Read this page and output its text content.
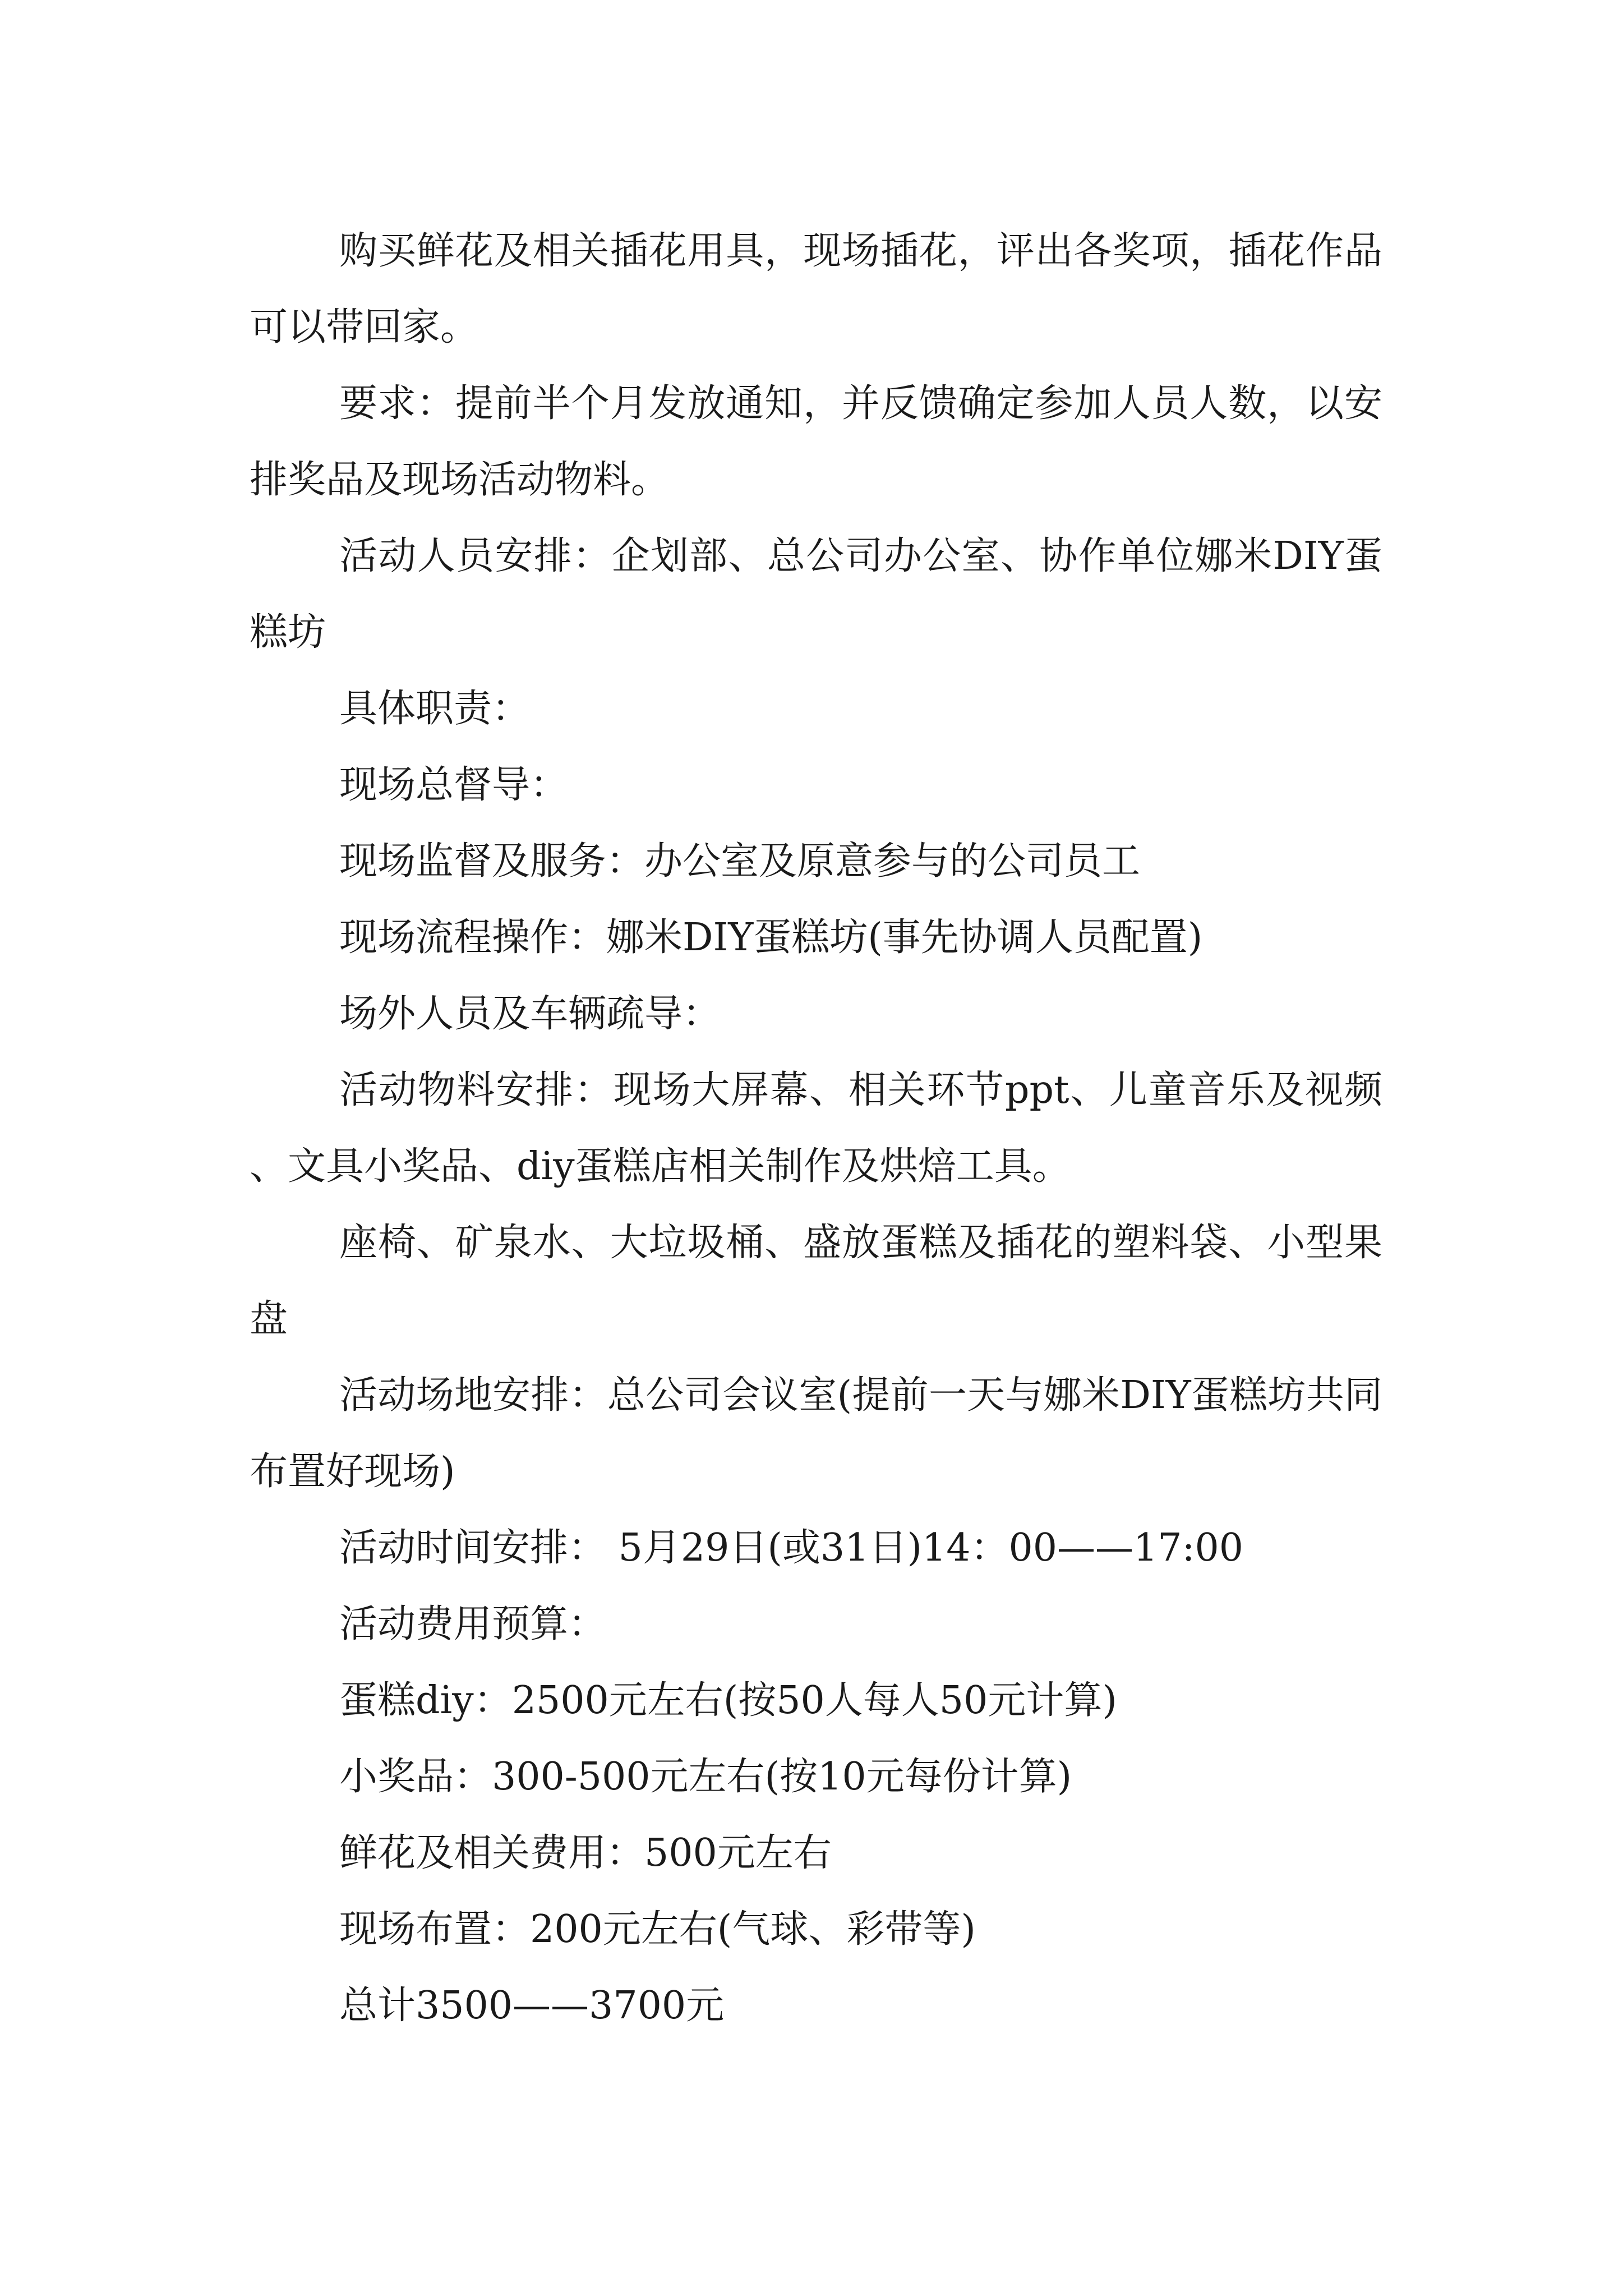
购买鲜花及相关插花用具，现场插花，评出各奖项，插花作品可以带回家。

要求：提前半个月发放通知，并反馈确定参加人员人数，以安排奖品及现场活动物料。

活动人员安排：企划部、总公司办公室、协作单位娜米DIY蛋糕坊

具体职责：

现场总督导：

现场监督及服务：办公室及原意参与的公司员工

现场流程操作：娜米DIY蛋糕坊(事先协调人员配置)

场外人员及车辆疏导：

活动物料安排：现场大屏幕、相关环节ppt、儿童音乐及视频、文具小奖品、diy蛋糕店相关制作及烘焙工具。

座椅、矿泉水、大垃圾桶、盛放蛋糕及插花的塑料袋、小型果盘

活动场地安排：总公司会议室(提前一天与娜米DIY蛋糕坊共同布置好现场)

活动时间安排： 5月29日(或31日)14：00——17:00

活动费用预算：

蛋糕diy：2500元左右(按50人每人50元计算)

小奖品：300-500元左右(按10元每份计算)

鲜花及相关费用：500元左右

现场布置：200元左右(气球、彩带等)

总计3500——3700元
